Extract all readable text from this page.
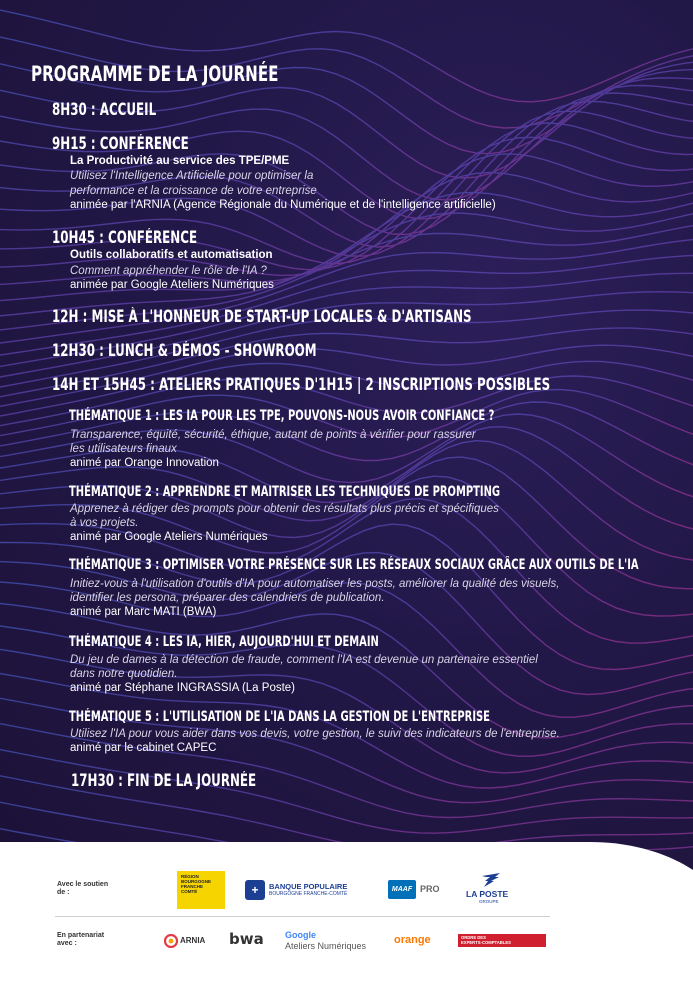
PROGRAMME DE LA JOURNÉE
8H30 : ACCUEIL
9H15 : CONFÉRENCE
La Productivité au service des TPE/PME
Utilisez l'Intelligence Artificielle pour optimiser la
performance et la croissance de votre entreprise
animée par l'ARNIA (Agence Régionale du Numérique et de l'intelligence artificielle)
10H45 : CONFÉRENCE
Outils collaboratifs et automatisation
Comment appréhender le rôle de l'IA ?
animée par Google Ateliers Numériques
12H : MISE À L'HONNEUR DE START-UP LOCALES & D'ARTISANS
12H30 : LUNCH & DÉMOS - SHOWROOM
14H ET 15H45 : ATELIERS PRATIQUES D'1H15 | 2 INSCRIPTIONS POSSIBLES
THÉMATIQUE 1 : LES IA POUR LES TPE, POUVONS-NOUS AVOIR CONFIANCE ?
Transparence, équité, sécurité, éthique, autant de points à vérifier pour rassurer
les utilisateurs finaux
animé par Orange Innovation
THÉMATIQUE 2 : APPRENDRE ET MAITRISER LES TECHNIQUES DE PROMPTING
Apprenez à rédiger des prompts pour obtenir des résultats plus précis et spécifiques
à vos projets.
animé par Google Ateliers Numériques
THÉMATIQUE 3 : OPTIMISER VOTRE PRÉSENCE SUR LES RÉSEAUX SOCIAUX GRÂCE AUX OUTILS DE L'IA
Initiez-vous à l'utilisation d'outils d'IA pour automatiser les posts, améliorer la qualité des visuels,
identifier les persona, préparer des calendriers de publication.
animé par Marc MATI (BWA)
THÉMATIQUE 4 : LES IA, HIER, AUJOURD'HUI ET DEMAIN
Du jeu de dames à la détection de fraude, comment l'IA est devenue un partenaire essentiel
dans notre quotidien.
animé par Stéphane INGRASSIA (La Poste)
THÉMATIQUE 5 : L'UTILISATION DE L'IA DANS LA GESTION DE L'ENTREPRISE
Utilisez l'IA pour vous aider dans vos devis, votre gestion, le suivi des indicateurs de l'entreprise.
animé par le cabinet CAPEC
17H30 : FIN DE LA JOURNÉE
Avec le soutien de :
RÉGION
BOURGOGNE
FRANCHE
COMTÉ	+	BANQUE POPULAIRE
BOURGOGNE FRANCHE-COMTÉ
MAAF PRO	LA POSTE
GROUPE
En partenariat avec :	ARNIA bwa Google
Ateliers Numériques	orange	ORDRE DES
EXPERTS-COMPTABLES
